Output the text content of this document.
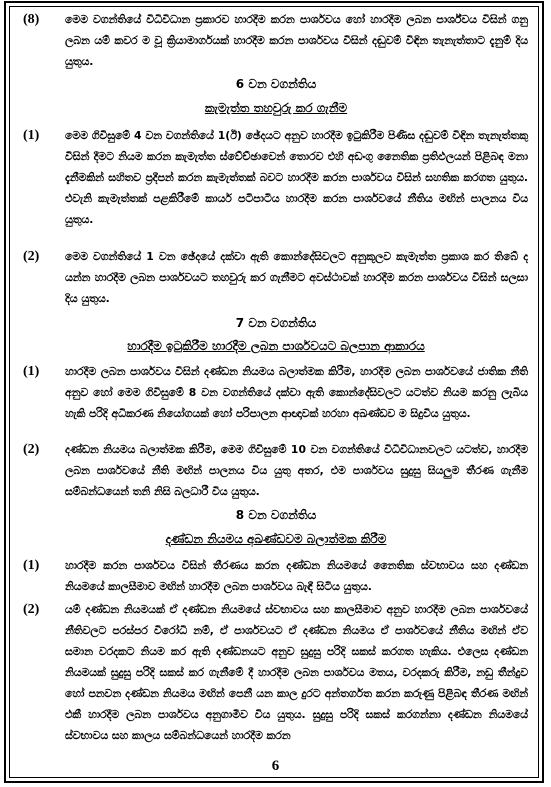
(8)	මෙම වගන්තියේ විධිවිධාන ප්‍රකාරව හාරදීම කරන පාර්ශවය හෝ හාරදීම ලබන පාර්ශ්වය විසින් ගනු ලබන යම් කවර ම වූ ක්‍රියාමාර්ගයක් හාරදීම කරන පාර්ශවය විසින් දඬුවම් විඳින තැනැත්තාට දැනුම් දිය යුතුය.
6 වන වගන්තිය
කැමැත්ත තහවුරු කර ගැනීම
(1)	මෙම ගිවිසුමේ 4 වන වගන්තියේ 1(ඊ) ඡේදයට අනුව හාරදීම ඉටුකිරීම පිණිස දඬුවම් විඳින තැනැත්තකු විසින් දීමට නියම කරන කැමැත්ත ස්වේච්ඡාවෙන් තොරව එහි අඩංගු නෛතික ප්‍රතිඵලයන් පිළිබඳ මනා දැනීමකින් සහිතව ප්‍රදීපන් කරන කැමැත්තක් බවට හාරදීම කරන පාර්ශවය විසින් සහතික කරගත යුතුය. එවැනි කැමැත්තක් පළකිරීමේ කාර්ය පටිපාටිය හාරදීම කරන පාර්ශවයේ නීතිය මඟින් පාලනය විය යුතුය.
(2)	මෙම වගන්තියේ 1 වන ඡේදයේ දක්වා ඇති කොන්දේසිවලට අනුකූලව කැමැත්ත ප්‍රකාශ කර තිබේ ද යන්න හාරදීම ලබන පාර්ශවයට තහවුරු කර ගැනීමට අවස්ථාවක් හාරදීම කරන පාර්ශවය විසින් සලසා දිය යුතුය.
7 වන වගන්තිය
හාරදීම ඉටුකිරීම හාරදීම ලබන පාර්ශවයට බලපාන ආකාරය
(1)	හාරදීම ලබන පාර්ශවය විසින් දණ්ඩන නියමය බලාත්මක කිරීම, හාරදීම ලබන පාර්ශවයේ ජාතික නීති අනුව හෝ මෙම ගිවිසුමේ 8 වන වගන්තියේ දක්වා ඇති කොන්දේසිවලට යටත්ව නියම කරනු ලැබිය හැකි පරිදි අධිකරණ නියෝගයක් හෝ පරිපාලන ආඥාවක් හරහා අඛණ්ඩව ම සිදුවිය යුතුය.
(2)	දණ්ඩන නියමය බලාත්මක කිරීම, මෙම ගිවිසුමේ 10 වන වගන්තියේ විධිවිධානවලට යටත්ව, හාරදීම ලබන පාර්ශවයේ නීති මඟින් පාලනය විය යුතු අතර, එම පාර්ශවය සුදුසු සියලුම තීරණ ගැනීම සම්බන්ධයෙන් තනි නිසි බලධාරී විය යුතුය.
8 වන වගන්තිය
දණ්ඩන නියමය අඛණ්ඩවම බලාත්මක කිරීම
(1)	හාරදීම කරන පාර්ශවය විසින් තීරණය කරන දණ්ඩන නියමයේ නෛතික ස්වභාවය සහ දණ්ඩන නියමයේ කාලසීමාව මඟින් හාරදීම ලබන පාර්ශවය බැඳී සිටිය යුතුය.
(2)	යම් දණ්ඩන නියමයක් ඒ දණ්ඩන නියමයේ ස්වභාවය සහ කාලසීමාව අනුව හාරදීම ලබන පාර්ශවයේ නීතිවලට පරස්පර විරෝධී නම්, ඒ පාර්ශවයට ඒ දණ්ඩන නියමය ඒ පාර්ශවයේ නීතිය මඟින් ඒව සමාන වරදකට නියම කර ඇති දණ්ඩනයට අනුව සුදුසු පරිදි සකස් කරගත හැකිය. එලෙස දණ්ඩන නියමයක් සුදුසු පරිදි සකස් කර ගැනීමේ දී හාරදීම ලබන පාර්ශවය මතය, වරදකරු කිරීම, නඩු තීන්දුව හෝ පනවන දණ්ඩන නියමය මඟින් පෙනී යන කාල දුරට අන්තර්ගත කරන කරුණු පිළිබඳ තීරණ මඟින් එකී හාරදීම ලබන පාර්ශවය අනුගාමීව විය යුතුය. සුදුසු පරිදි සකස් කරගන්නා දණ්ඩන නියමයේ ස්වභාවය සහ කාලය සම්බන්ධයෙන් හාරදීම කරන
6
